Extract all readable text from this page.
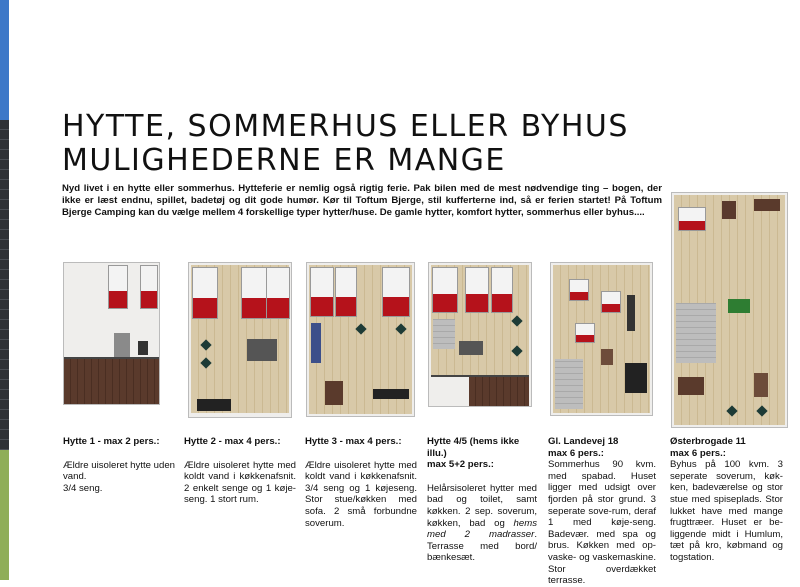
HYTTE, SOMMERHUS ELLER BYHUS
MULIGHEDERNE ER MANGE

Nyd livet i en hytte eller sommerhus. Hytteferie er nemlig også rigtig ferie. Pak bilen med de mest nødvendige ting – bogen, der ikke er læst endnu, spillet, badetøj og dit gode humør. Kør til Toftum Bjerge, stil kufferterne ind, så er ferien startet! På Toftum Bjerge Camping kan du vælge mellem 4 forskellige typer hytter/huse. De gamle hytter, komfort hytter, sommerhus eller byhus....

Hytte 1 - max 2 pers.:
Ældre uisoleret hytte uden vand.
3/4 seng.
Hytte 2 - max 4 pers.:
Ældre uisoleret hytte med koldt vand i køkkenafsnit. 2 enkelt senge og 1 køje-seng. 1 stort rum.
Hytte 3 - max 4 pers.:
Ældre uisoleret hytte med koldt vand i køkkenafsnit. 3/4 seng og 1 køjeseng. Stor stue/køkken med sofa. 2 små forbundne soverum.
Hytte 4/5 (hems ikke illu.)
max 5+2 pers.:
Helårsisoleret hytter med bad og toilet, samt køkken. 2 sep. soverum, køkken, bad og hems med 2 madrasser. Terrasse med bord/ bænkesæt.
Gl. Landevej 18
max 6 pers.:
Sommerhus 90 kvm. med spabad. Huset ligger med udsigt over fjorden på stor grund. 3 seperate sove-rum, deraf 1 med køje-seng. Badevær. med spa og brus. Køkken med op-vaske- og vaskemaskine. Stor overdækket terrasse.
Østerbrogade 11
max 6 pers.:
Byhus på 100 kvm. 3 seperate soverum, køk-ken, badeværelse og stor stue med spiseplads. Stor lukket have med mange frugttræer. Huset er be-liggende midt i Humlum, tæt på kro, købmand og togstation.
